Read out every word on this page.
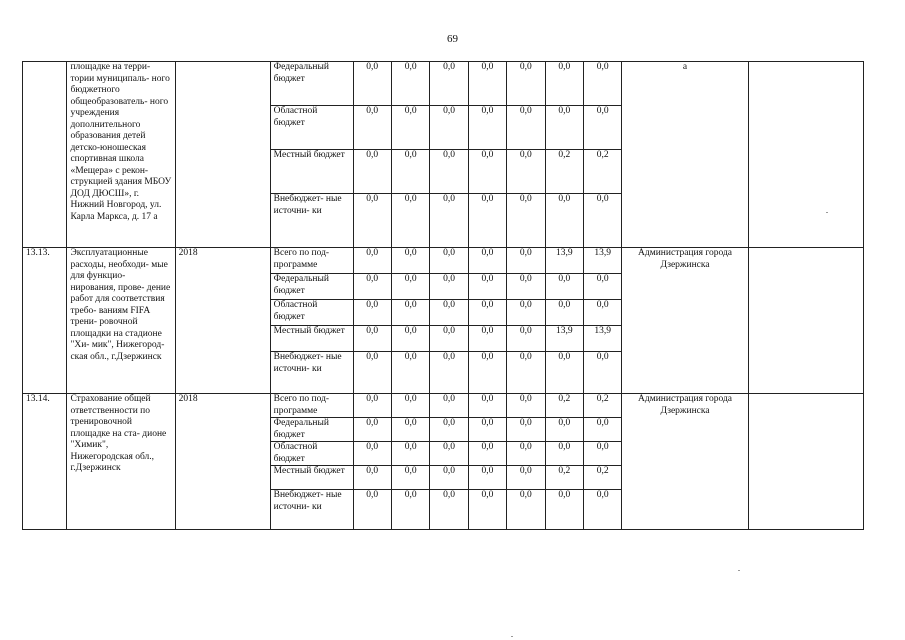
69
	площадке на терри- тории муниципаль- ного бюджетного общеобразователь- ного учреждения дополнительного образования детей детско-юношеская спортивная школа «Мещера» с рекон- струкцией здания МБОУ ДОД ДЮСШ», г. Нижний Новгород, ул. Карла Маркса, д. 17 а		Федеральный бюджет	0,0	0,0	0,0	0,0	0,0	0,0	0,0	а	
			Областной бюджет	0,0	0,0	0,0	0,0	0,0	0,0	0,0		
			Местный бюджет	0,0	0,0	0,0	0,0	0,0	0,2	0,2		
			Внебюджет- ные источни- ки	0,0	0,0	0,0	0,0	0,0	0,0	0,0		
13.13.	Эксплуатационные расходы, необходи- мые для функцио- нирования, прове- дение работ для соответствия требо- ваниям FIFA трени- ровочной площадки на стадионе "Хи- мик", Нижегород- ская обл., г.Дзержинск	2018	Всего по под- программе	0,0	0,0	0,0	0,0	0,0	13,9	13,9	Администрация города Дзержинска	
			Федеральный бюджет	0,0	0,0	0,0	0,0	0,0	0,0	0,0		
			Областной бюджет	0,0	0,0	0,0	0,0	0,0	0,0	0,0		
			Местный бюджет	0,0	0,0	0,0	0,0	0,0	13,9	13,9		
			Внебюджет- ные источни- ки	0,0	0,0	0,0	0,0	0,0	0,0	0,0		
13.14.	Страхование общей ответственности по тренировочной площадке на ста- дионе "Химик", Нижегородская обл., г.Дзержинск	2018	Всего по под- программе	0,0	0,0	0,0	0,0	0,0	0,2	0,2	Администрация города Дзержинска	
			Федеральный бюджет	0,0	0,0	0,0	0,0	0,0	0,0	0,0		
			Областной бюджет	0,0	0,0	0,0	0,0	0,0	0,0	0,0		
			Местный бюджет	0,0	0,0	0,0	0,0	0,0	0,2	0,2		
			Внебюджет- ные источни- ки	0,0	0,0	0,0	0,0	0,0	0,0	0,0		
